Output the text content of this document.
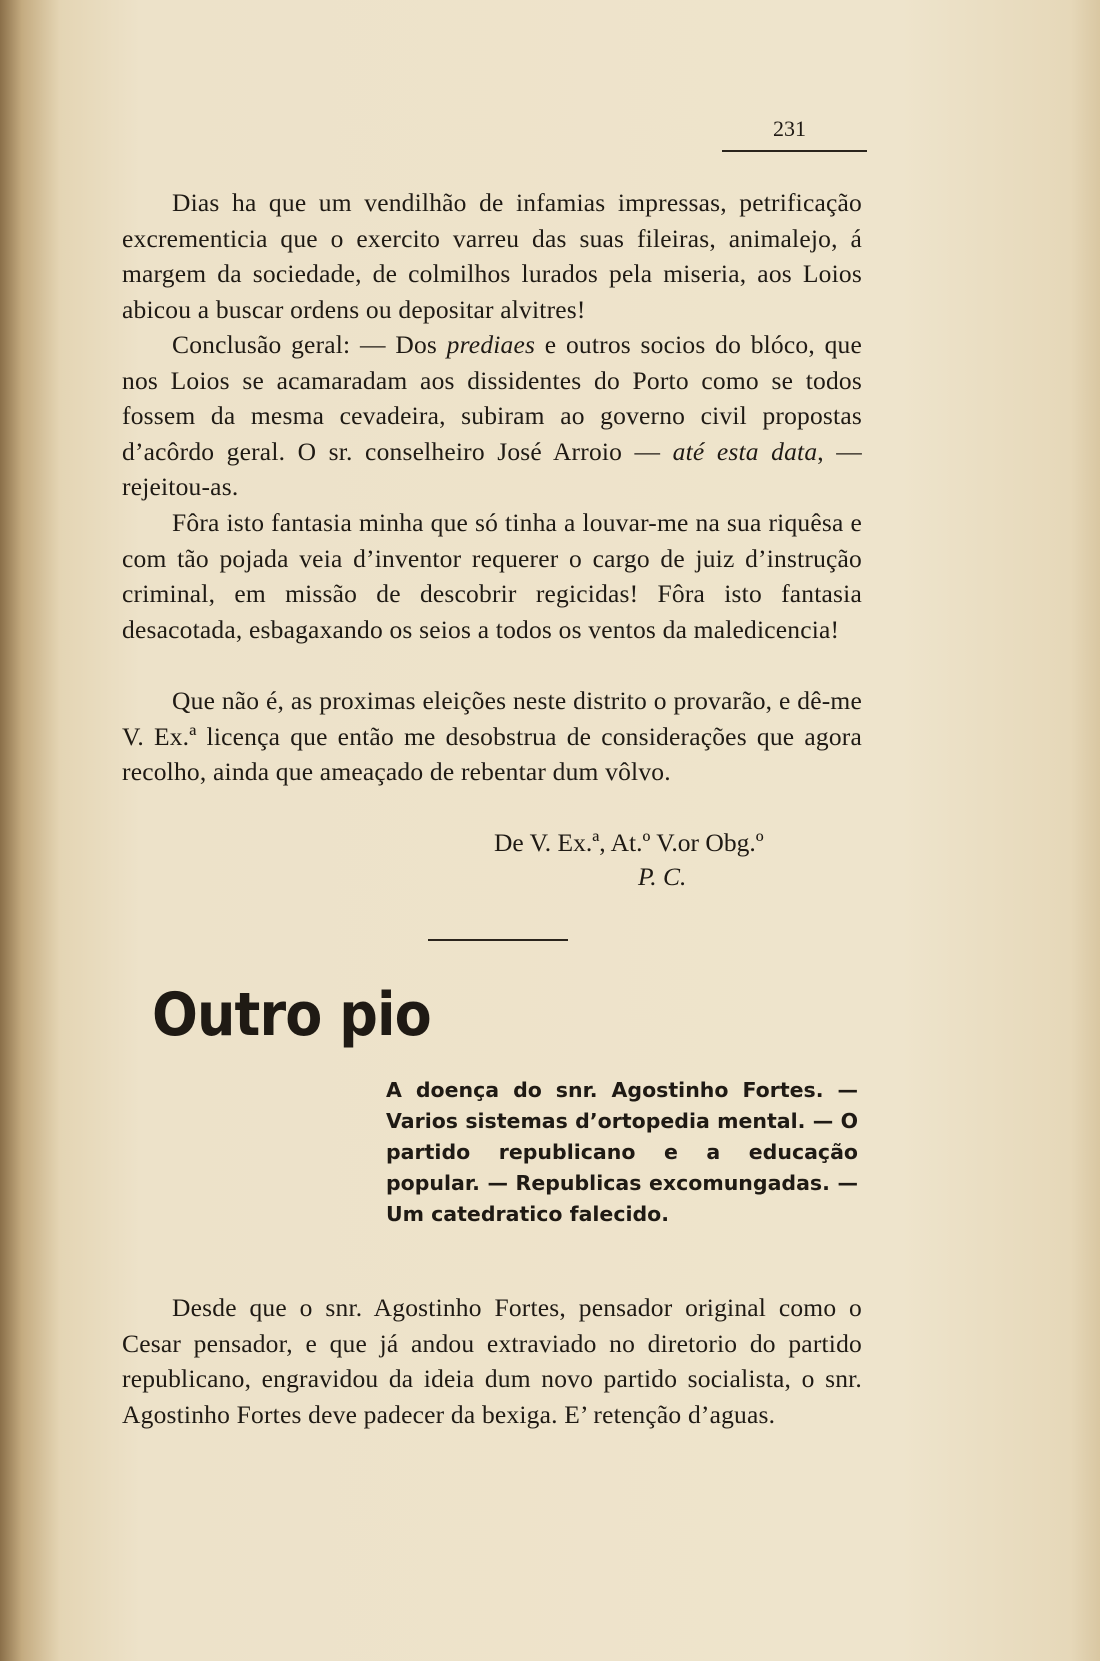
231

Dias ha que um vendilhão de infamias impressas, petrificação excrementicia que o exercito varreu das suas fileiras, animalejo, á margem da sociedade, de colmilhos lurados pela miseria, aos Loios abicou a buscar ordens ou depositar alvitres!

Conclusão geral: — Dos prediaes e outros socios do blóco, que nos Loios se acamaradam aos dissidentes do Porto como se todos fossem da mesma cevadeira, subiram ao governo civil propostas d’acôrdo geral. O sr. conselheiro José Arroio — até esta data, — rejeitou-as.

Fôra isto fantasia minha que só tinha a louvar-me na sua riquêsa e com tão pojada veia d’inventor requerer o cargo de juiz d’instrução criminal, em missão de descobrir regicidas! Fôra isto fantasia desacotada, esbagaxando os seios a todos os ventos da maledicencia!

Que não é, as proximas eleições neste distrito o provarão, e dê-me V. Ex.ª licença que então me desobstrua de considerações que agora recolho, ainda que ameaçado de rebentar dum vôlvo.

De V. Ex.ª, At.º V.or Obg.º
P. C.
Outro pio

A doença do snr. Agostinho Fortes. — Varios sistemas d’ortopedia mental. — O partido republicano e a educação popular. — Republicas excomungadas. — Um catedratico falecido.

Desde que o snr. Agostinho Fortes, pensador original como o Cesar pensador, e que já andou extraviado no diretorio do partido republicano, engravidou da ideia dum novo partido socialista, o snr. Agostinho Fortes deve padecer da bexiga. E’ retenção d’aguas.
